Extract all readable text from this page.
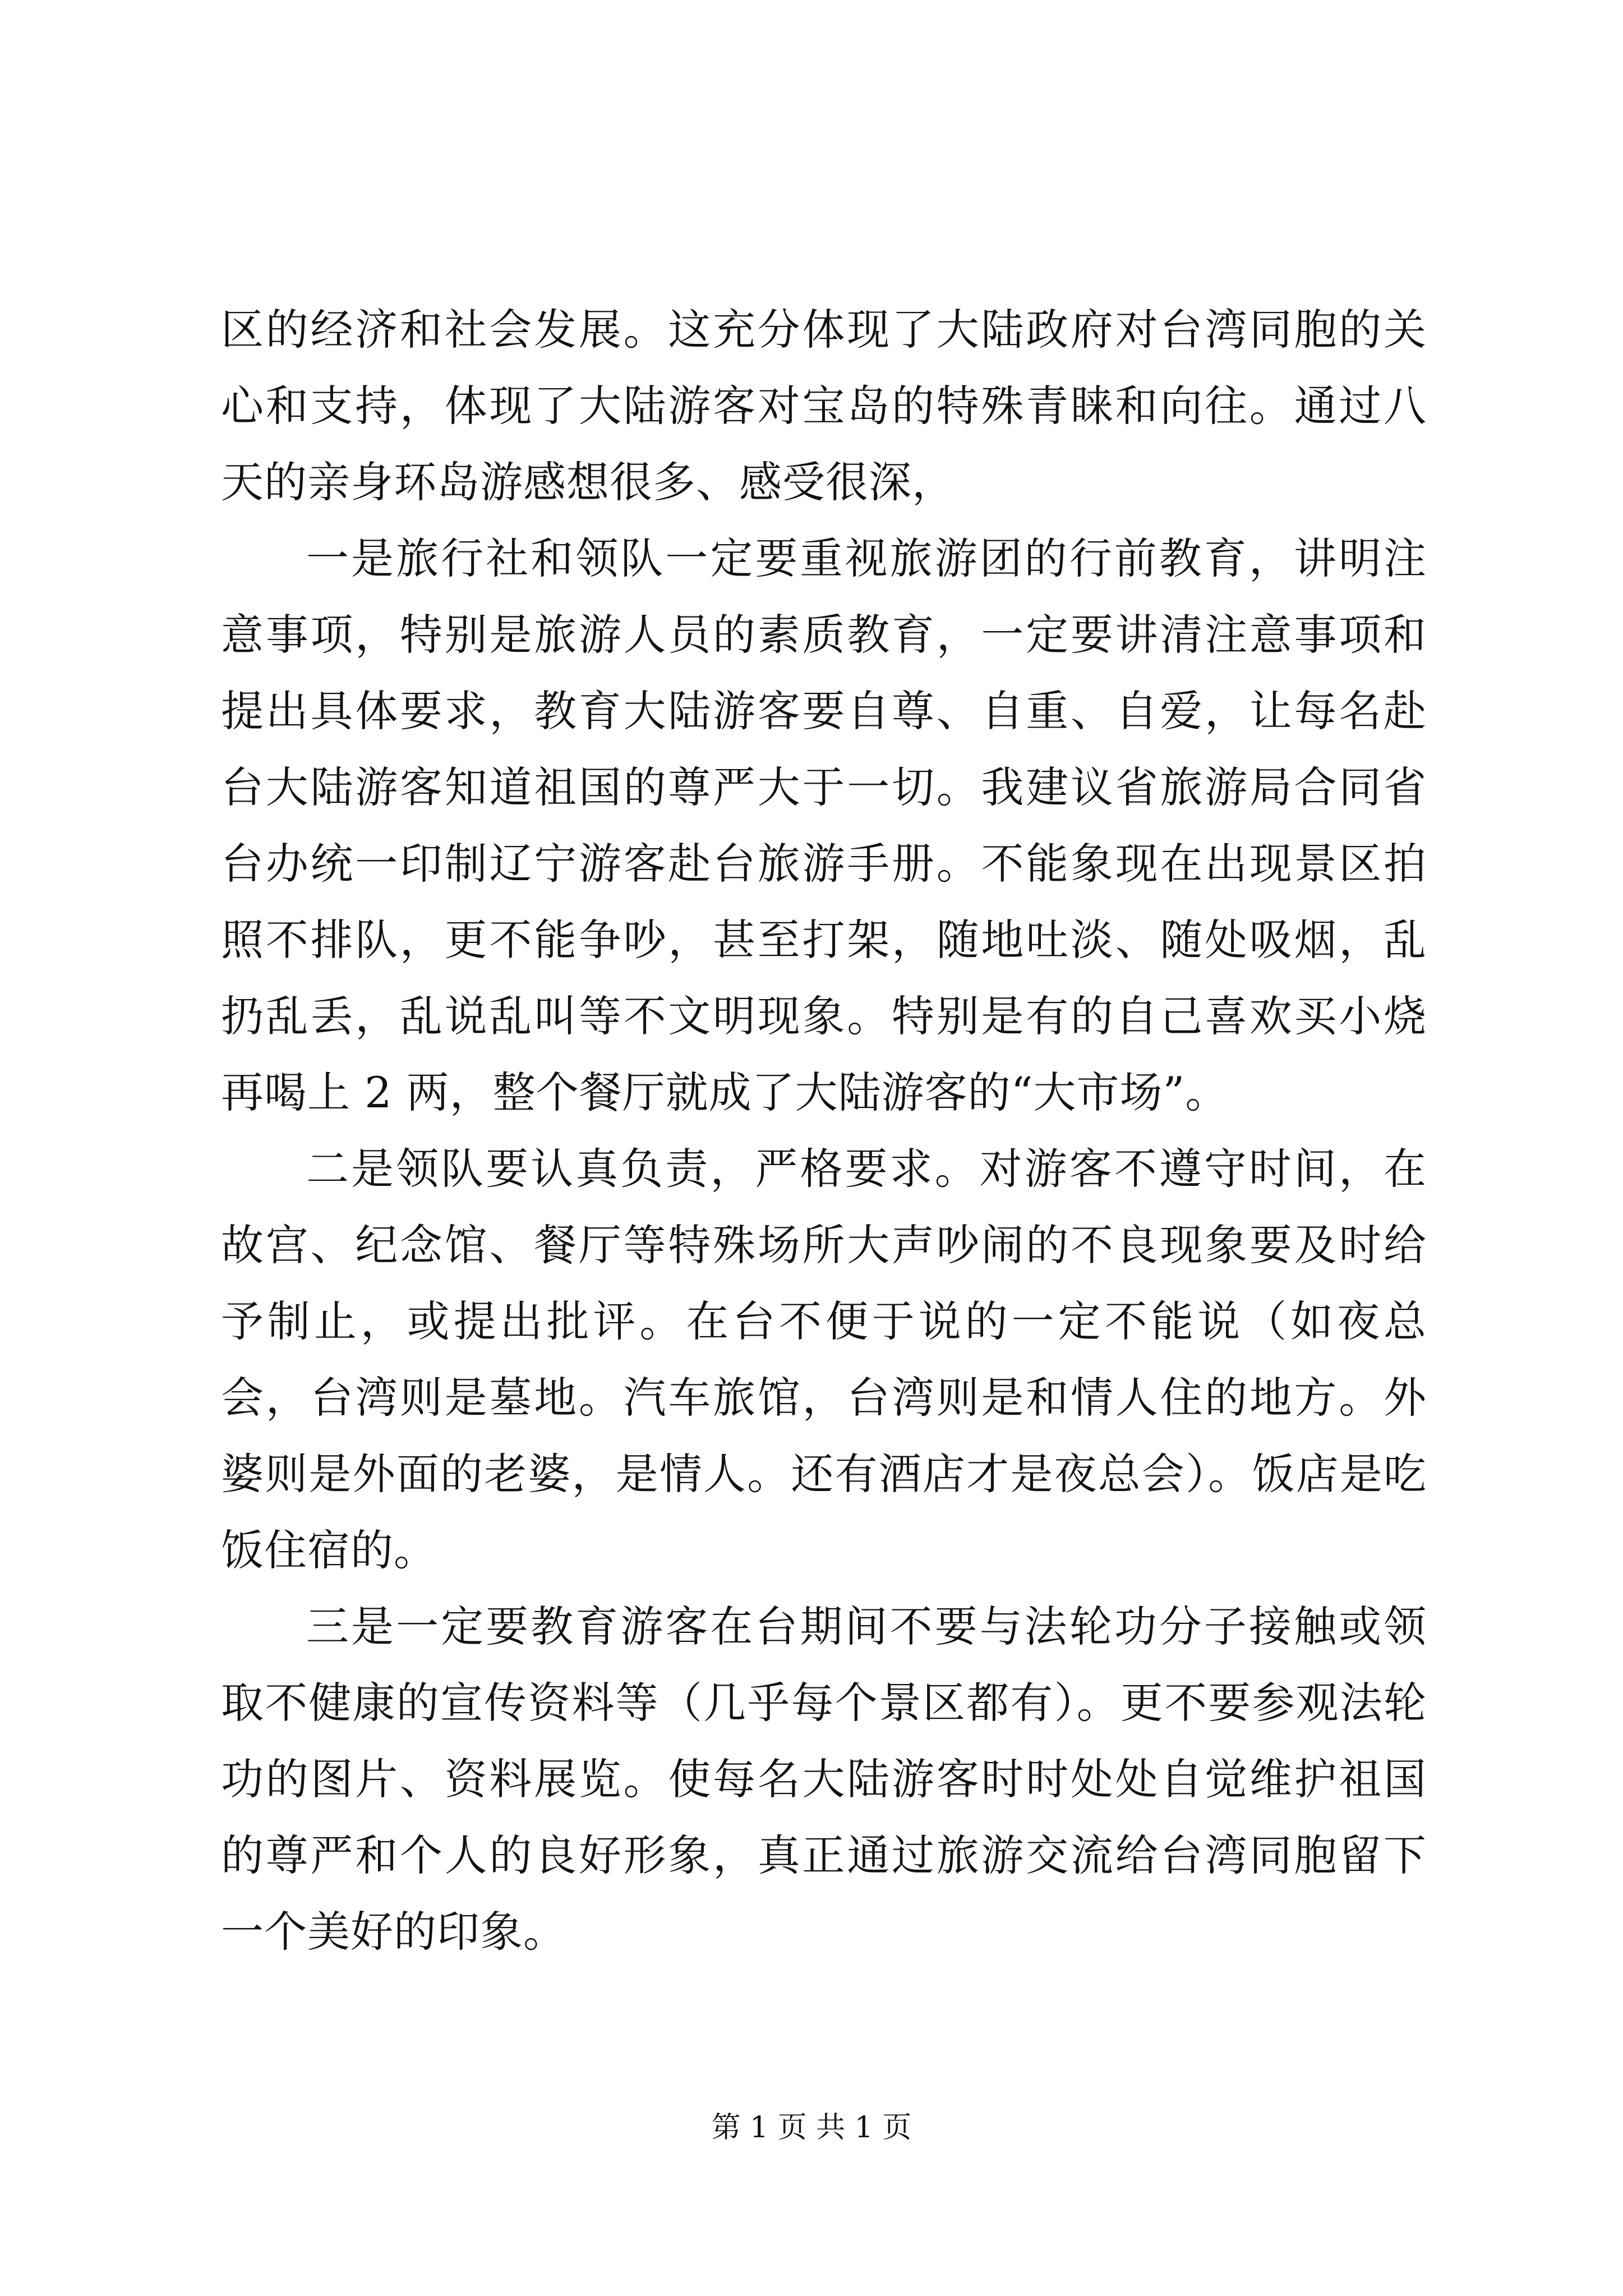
区的经济和社会发展。这充分体现了大陆政府对台湾同胞的关心和支持，体现了大陆游客对宝岛的特殊青睐和向往。通过八天的亲身环岛游感想很多、感受很深，

一是旅行社和领队一定要重视旅游团的行前教育，讲明注意事项，特别是旅游人员的素质教育，一定要讲清注意事项和提出具体要求，教育大陆游客要自尊、自重、自爱，让每名赴台大陆游客知道祖国的尊严大于一切。我建议省旅游局合同省台办统一印制辽宁游客赴台旅游手册。不能象现在出现景区拍照不排队，更不能争吵，甚至打架，随地吐淡、随处吸烟，乱扔乱丢，乱说乱叫等不文明现象。特别是有的自己喜欢买小烧再喝上 2 两，整个餐厅就成了大陆游客的“大市场”。

二是领队要认真负责，严格要求。对游客不遵守时间，在故宫、纪念馆、餐厅等特殊场所大声吵闹的不良现象要及时给予制止，或提出批评。在台不便于说的一定不能说（如夜总会，台湾则是墓地。汽车旅馆，台湾则是和情人住的地方。外婆则是外面的老婆，是情人。还有酒店才是夜总会）。饭店是吃饭住宿的。

三是一定要教育游客在台期间不要与法轮功分子接触或领取不健康的宣传资料等（几乎每个景区都有）。更不要参观法轮功的图片、资料展览。使每名大陆游客时时处处自觉维护祖国的尊严和个人的良好形象，真正通过旅游交流给台湾同胞留下一个美好的印象。

第 1 页 共 1 页
